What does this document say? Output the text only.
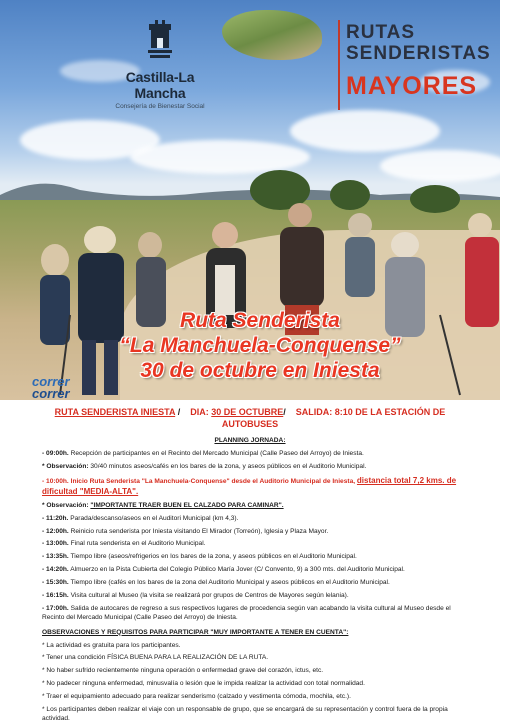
Castilla-La Mancha
Consejería de Bienestar Social
RUTAS
SENDERISTAS
MAYORES
Ruta Senderista
“La Manchuela-Conquense”
30 de octubre en Iniesta
correr
correr
RUTA SENDERISTA INIESTA / DIA: 30 DE OCTUBRE/ SALIDA: 8:10 DE LA ESTACIÓN DE AUTOBUSES
PLANNING JORNADA:
- 09:00h. Recepción de participantes en el Recinto del Mercado Municipal (Calle Paseo del Arroyo) de Iniesta.
* Observación: 30/40 minutos aseos/cafés en los bares de la zona, y aseos públicos en el Auditorio Municipal.
- 10:00h. Inicio Ruta Senderista "La Manchuela-Conquense" desde el Auditorio Municipal de Iniesta, distancia total 7,2 kms. de dificultad "MEDIA-ALTA".
* Observación: "IMPORTANTE TRAER BUEN EL CALZADO PARA CAMINAR".
- 11:20h. Parada/descanso/aseos en el Auditori Municipal (km 4,3).
- 12:00h. Reinicio ruta senderista por Iniesta visitando El Mirador (Torreón), Iglesia y Plaza Mayor.
- 13:00h. Final ruta senderista en el Auditorio Municipal.
- 13:35h. Tiempo libre (aseos/refrigerios en los bares de la zona, y aseos públicos en el Auditorio Municipal.
- 14:20h. Almuerzo en la Pista Cubierta del Colegio Público María Jover (C/ Convento, 9) a 300 mts. del Auditorio Municipal.
- 15:30h. Tiempo libre (cafés en los bares de la zona del Auditorio Municipal y aseos públicos en el Auditorio Municipal.
- 16:15h. Visita cultural al Museo (la visita se realizará por grupos de Centros de Mayores según lelania).
- 17:00h. Salida de autocares de regreso a sus respectivos lugares de procedencia según van acabando la visita cultural al Museo desde el Recinto del Mercado Municipal (Calle Paseo del Arroyo) de Iniesta.
OBSERVACIONES Y REQUISITOS PARA PARTICIPAR "MUY IMPORTANTE A TENER EN CUENTA":
* La actividad es gratuita para los participantes.
* Tener una condición FÍSICA BUENA PARA LA REALIZACIÓN DE LA RUTA.
* No haber sufrido recientemente ninguna operación o enfermedad grave del corazón, ictus, etc.
* No padecer ninguna enfermedad, minusvalía o lesión que le impida realizar la actividad con total normalidad.
* Traer el equipamiento adecuado para realizar senderismo (calzado y vestimenta cómoda, mochila, etc.).
* Los participantes deben realizar el viaje con un responsable de grupo, que se encargará de su representación y control fuera de la propia actividad.
